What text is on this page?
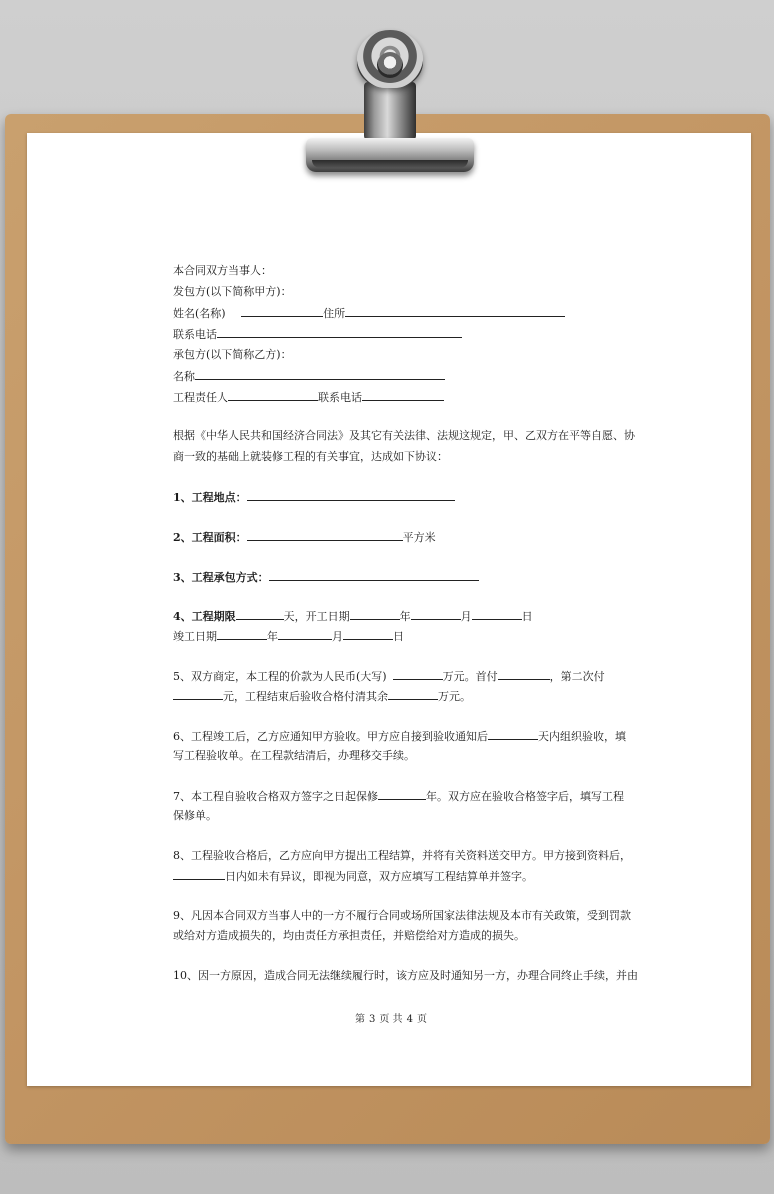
本合同双方当事人：
发包方(以下简称甲方)：
姓名(名称)	住所
联系电话
承包方(以下简称乙方)：
名称
工程责任人	联系电话
根据《中华人民共和国经济合同法》及其它有关法律、法规这规定，甲、乙双方在平等自愿、协
商一致的基础上就装修工程的有关事宜，达成如下协议：
1、工程地点：
2、工程面积：	平方米
3、工程承包方式：
4、工程期限	天，开工日期	年	月	日
竣工日期	年	月	日
5、双方商定，本工程的价款为人民币(大写)	万元。首付	，第二次付
元，工程结束后验收合格付清其余	万元。
6、工程竣工后，乙方应通知甲方验收。甲方应自接到验收通知后	天内组织验收，填
写工程验收单。在工程款结清后，办理移交手续。
7、本工程自验收合格双方签字之日起保修	年。双方应在验收合格签字后，填写工程
保修单。
8、工程验收合格后，乙方应向甲方提出工程结算，并将有关资料送交甲方。甲方接到资料后，
日内如未有异议，即视为同意，双方应填写工程结算单并签字。
9、凡因本合同双方当事人中的一方不履行合同或场所国家法律法规及本市有关政策，受到罚款
或给对方造成损失的，均由责任方承担责任，并赔偿给对方造成的损失。
10、因一方原因，造成合同无法继续履行时，该方应及时通知另一方，办理合同终止手续，并由
第 3 页 共 4 页
